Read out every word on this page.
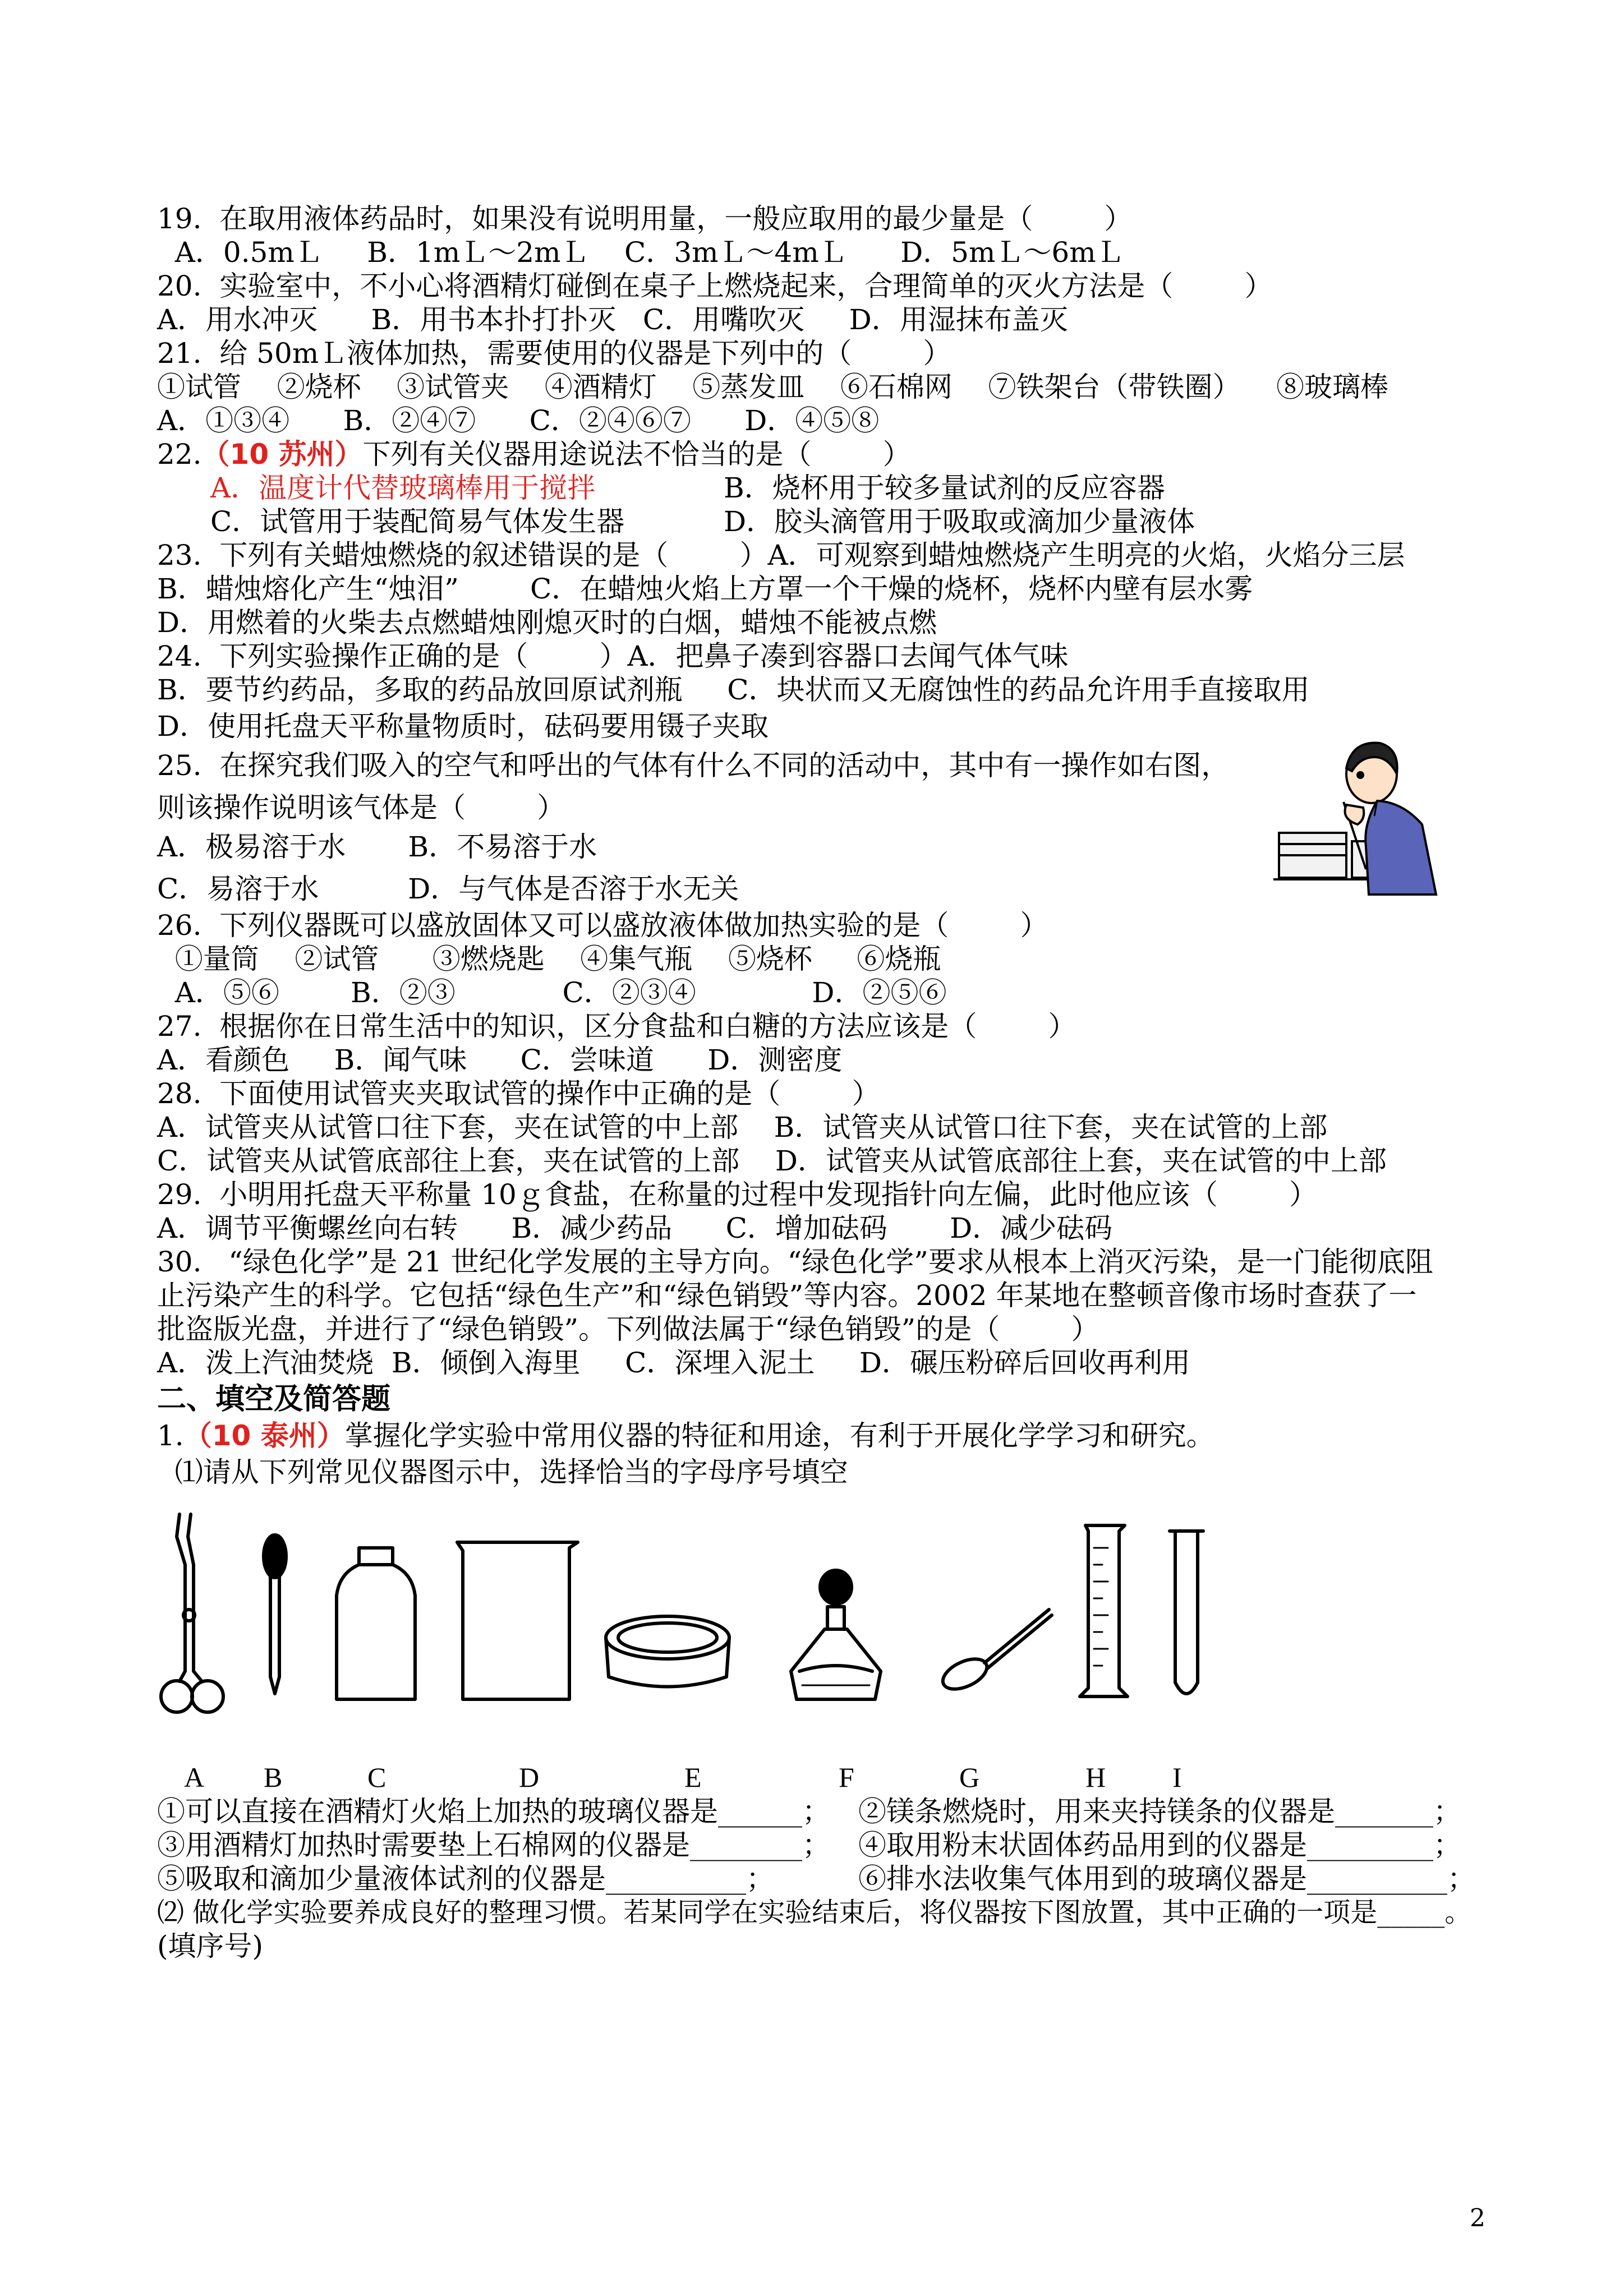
19.  在取用液体药品时，如果没有说明用量，一般应取用的最少量是（        ）
A．0.5mＬ     B．1mＬ～2mＬ    C．3mＬ～4mＬ      D．5mＬ～6mＬ
20.  实验室中，不小心将酒精灯碰倒在桌子上燃烧起来，合理简单的灭火方法是（        ）
A．用水冲灭      B．用书本扑打扑灭   C．用嘴吹灭     D．用湿抹布盖灭
21.  给 50mＬ液体加热，需要使用的仪器是下列中的（        ）
①试管    ②烧杯    ③试管夹    ④酒精灯    ⑤蒸发皿    ⑥石棉网    ⑦铁架台（带铁圈）    ⑧玻璃棒
A．①③④      B．②④⑦      C．②④⑥⑦      D．④⑤⑧
22.（10 苏州）下列有关仪器用途说法不恰当的是（        ）
A．温度计代替玻璃棒用于搅拌	B．烧杯用于较多量试剂的反应容器
C．试管用于装配简易气体发生器	D．胶头滴管用于吸取或滴加少量液体
23.  下列有关蜡烛燃烧的叙述错误的是（        ）A．可观察到蜡烛燃烧产生明亮的火焰，火焰分三层
B．蜡烛熔化产生“烛泪”        C．在蜡烛火焰上方罩一个干燥的烧杯，烧杯内壁有层水雾
D．用燃着的火柴去点燃蜡烛刚熄灭时的白烟，蜡烛不能被点燃
24.  下列实验操作正确的是（        ）A．把鼻子凑到容器口去闻气体气味
B．要节约药品，多取的药品放回原试剂瓶     C．块状而又无腐蚀性的药品允许用手直接取用
D．使用托盘天平称量物质时，砝码要用镊子夹取
25.  在探究我们吸入的空气和呼出的气体有什么不同的活动中，其中有一操作如右图，
则该操作说明该气体是（        ）
A．极易溶于水       B．不易溶于水
C．易溶于水          D．与气体是否溶于水无关
26.  下列仪器既可以盛放固体又可以盛放液体做加热实验的是（        ）
①量筒    ②试管      ③燃烧匙    ④集气瓶    ⑤烧杯     ⑥烧瓶
A．⑤⑥        B．②③            C．②③④             D．②⑤⑥
27.  根据你在日常生活中的知识，区分食盐和白糖的方法应该是（        ）
A．看颜色     B．闻气味      C．尝味道      D．测密度
28.  下面使用试管夹夹取试管的操作中正确的是（        ）
A．试管夹从试管口往下套，夹在试管的中上部    B．试管夹从试管口往下套，夹在试管的上部
C．试管夹从试管底部往上套，夹在试管的上部    D．试管夹从试管底部往上套，夹在试管的中上部
29.  小明用托盘天平称量 10ｇ食盐，在称量的过程中发现指针向左偏，此时他应该（        ）
A．调节平衡螺丝向右转      B．减少药品      C．增加砝码       D．减少砝码
30.   “绿色化学”是 21 世纪化学发展的主导方向。“绿色化学”要求从根本上消灭污染，是一门能彻底阻
止污染产生的科学。它包括“绿色生产”和“绿色销毁”等内容。2002 年某地在整顿音像市场时查获了一
批盗版光盘，并进行了“绿色销毁”。下列做法属于“绿色销毁”的是（        ）
A．泼上汽油焚烧  B．倾倒入海里     C．深埋入泥土     D．碾压粉碎后回收再利用
二、填空及简答题
1.（10 泰州）掌握化学实验中常用仪器的特征和用途，有利于开展化学学习和研究。
⑴请从下列常见仪器图示中，选择恰当的字母序号填空
A B	C	D	E	F	G	H I
①可以直接在酒精灯火焰上加热的玻璃仪器是______； ②镁条燃烧时，用来夹持镁条的仪器是_______；
③用酒精灯加热时需要垫上石棉网的仪器是________； ④取用粉末状固体药品用到的仪器是_________；
⑤吸取和滴加少量液体试剂的仪器是__________；	⑥排水法收集气体用到的玻璃仪器是__________；
⑵ 做化学实验要养成良好的整理习惯。若某同学在实验结束后，将仪器按下图放置，其中正确的一项是_____。
(填序号)
2
